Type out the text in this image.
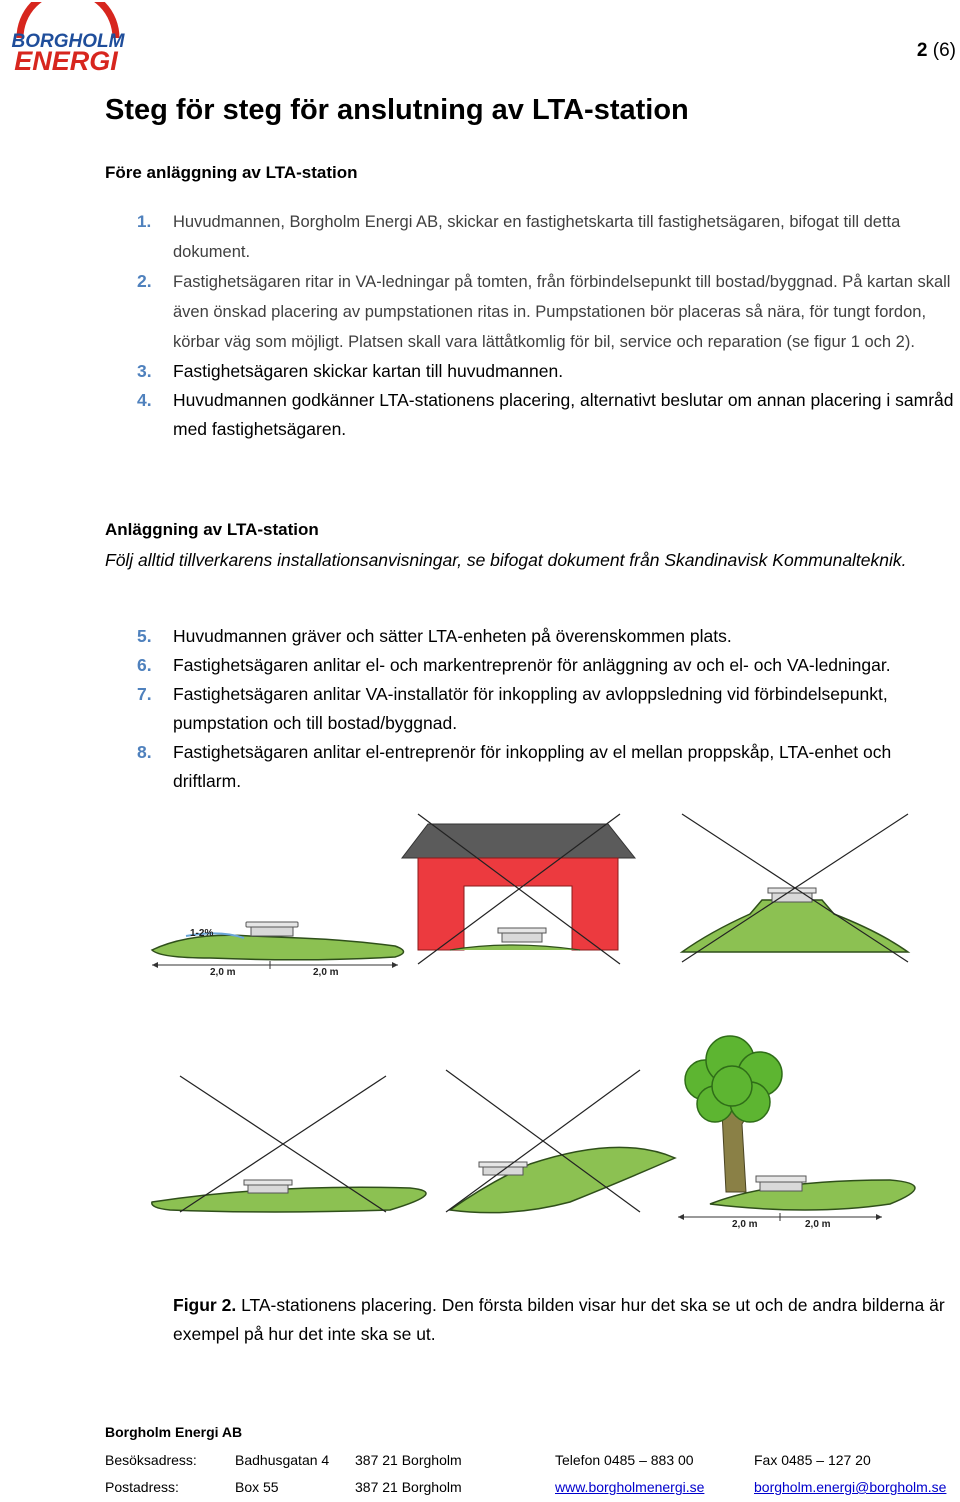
BORGHOLM
ENERGI	2 (6)
Steg för steg för anslutning av LTA-station
Före anläggning av LTA-station
1. Huvudmannen, Borgholm Energi AB, skickar en fastighetskarta till fastighetsägaren, bifogat till detta dokument.
2. Fastighetsägaren ritar in VA-ledningar på tomten, från förbindelsepunkt till bostad/byggnad. På kartan skall även önskad placering av pumpstationen ritas in. Pumpstationen bör placeras så nära, för tungt fordon, körbar väg som möjligt. Platsen skall vara lättåtkomlig för bil, service och reparation (se figur 1 och 2).
3. Fastighetsägaren skickar kartan till huvudmannen.
4. Huvudmannen godkänner LTA-stationens placering, alternativt beslutar om annan placering i samråd med fastighetsägaren.
Anläggning av LTA-station
Följ alltid tillverkarens installationsanvisningar, se bifogat dokument från Skandinavisk Kommunalteknik.
5. Huvudmannen gräver och sätter LTA-enheten på överenskommen plats.
6. Fastighetsägaren anlitar el- och markentreprenör för anläggning av och el- och VA-ledningar.
7. Fastighetsägaren anlitar VA-installatör för inkoppling av avloppsledning vid förbindelsepunkt, pumpstation och till bostad/byggnad.
8. Fastighetsägaren anlitar el-entreprenör för inkoppling av el mellan proppskåp, LTA-enhet och driftlarm.
1-2%
2,0 m	2,0 m
2,0 m	2,0 m
Figur 2. LTA-stationens placering. Den första bilden visar hur det ska se ut och de andra bilderna är exempel på hur det inte ska se ut.
Borgholm Energi AB
Besöksadress:	Badhusgatan 4 387 21 Borgholm	Telefon 0485 – 883 00	Fax 0485 – 127 20
Postadress:	Box 55	387 21 Borgholm	www.borgholmenergi.se	borgholm.energi@borgholm.se
